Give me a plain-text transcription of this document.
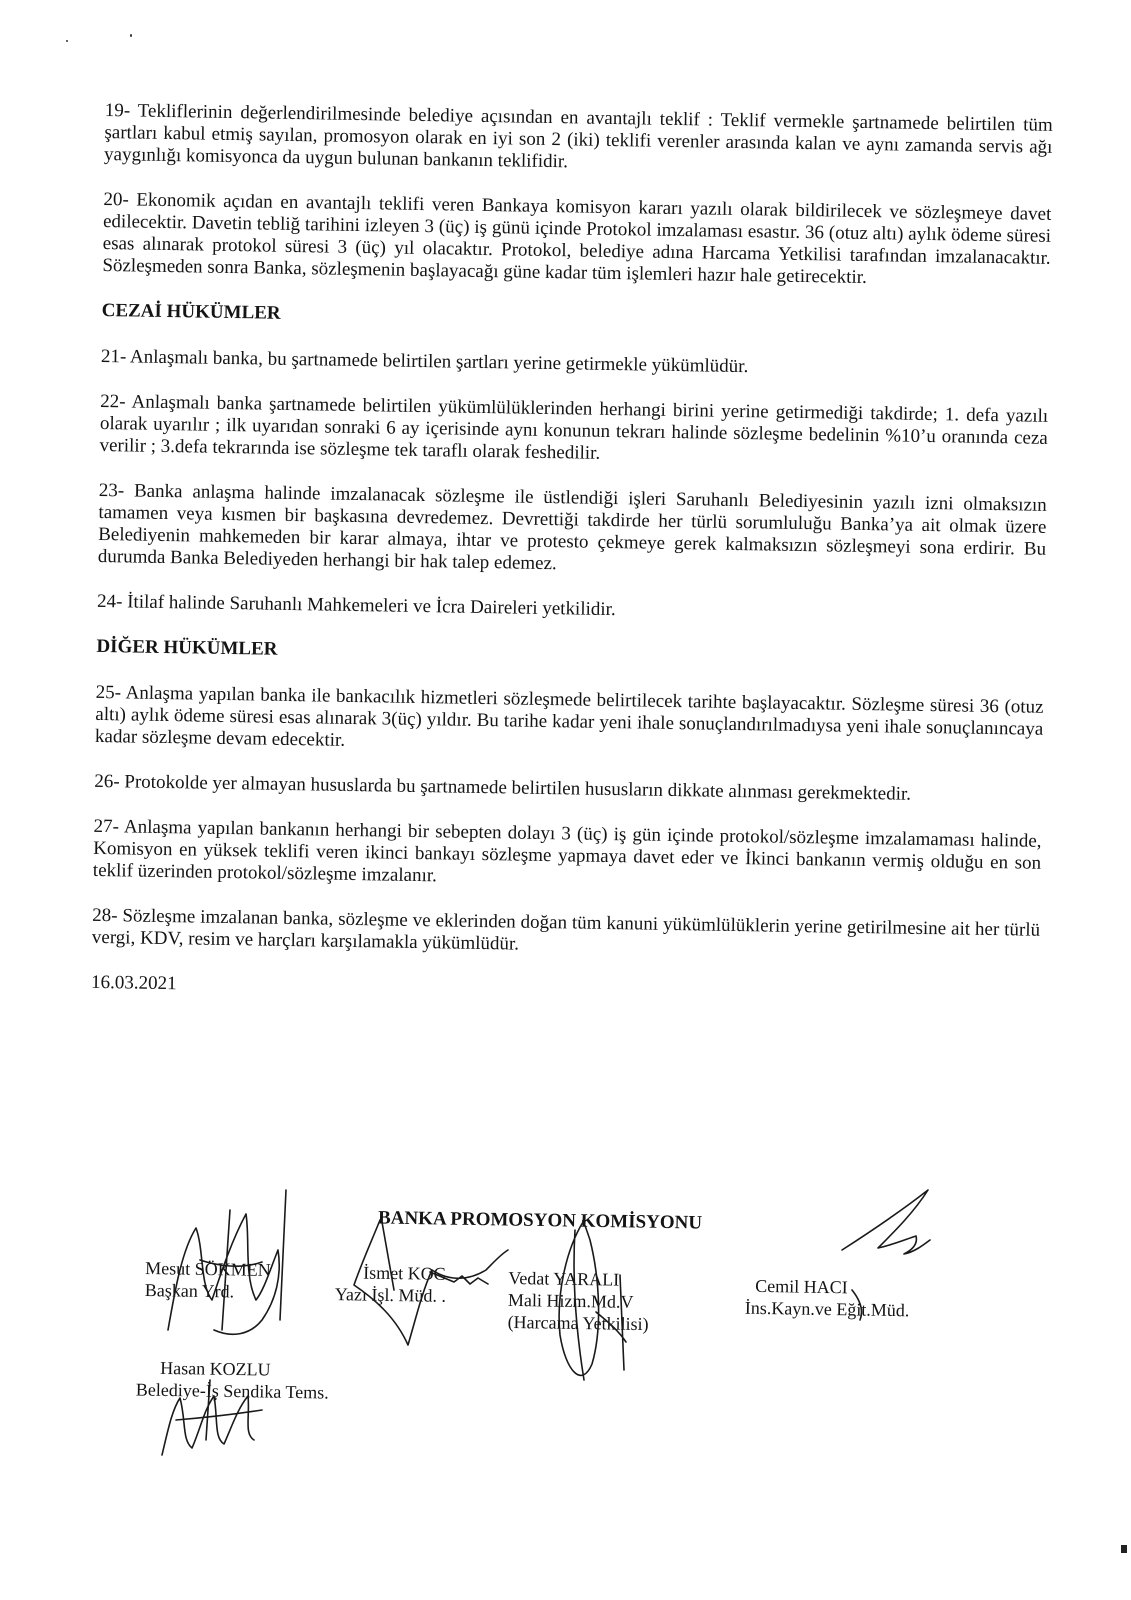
19- Tekliflerinin değerlendirilmesinde belediye açısından en avantajlı teklif : Teklif vermekle şartnamede belirtilen tüm şartları kabul etmiş sayılan, promosyon olarak en iyi son 2 (iki) teklifi verenler arasında kalan ve aynı zamanda servis ağı yaygınlığı komisyonca da uygun bulunan bankanın teklifidir.

20- Ekonomik açıdan en avantajlı teklifi veren Bankaya komisyon kararı yazılı olarak bildirilecek ve sözleşmeye davet edilecektir. Davetin tebliğ tarihini izleyen 3 (üç) iş günü içinde Protokol imzalaması esastır. 36 (otuz altı) aylık ödeme süresi esas alınarak protokol süresi 3 (üç) yıl olacaktır. Protokol, belediye adına Harcama Yetkilisi tarafından imzalanacaktır. Sözleşmeden sonra Banka, sözleşmenin başlayacağı güne kadar tüm işlemleri hazır hale getirecektir.

CEZAİ HÜKÜMLER

21- Anlaşmalı banka, bu şartnamede belirtilen şartları yerine getirmekle yükümlüdür.

22- Anlaşmalı banka şartnamede belirtilen yükümlülüklerinden herhangi birini yerine getirmediği takdirde; 1. defa yazılı olarak uyarılır ; ilk uyarıdan sonraki 6 ay içerisinde aynı konunun tekrarı halinde sözleşme bedelinin %10’u oranında ceza verilir ; 3.defa tekrarında ise sözleşme tek taraflı olarak feshedilir.

23- Banka anlaşma halinde imzalanacak sözleşme ile üstlendiği işleri Saruhanlı Belediyesinin yazılı izni olmaksızın tamamen veya kısmen bir başkasına devredemez. Devrettiği takdirde her türlü sorumluluğu Banka’ya ait olmak üzere Belediyenin mahkemeden bir karar almaya, ihtar ve protesto çekmeye gerek kalmaksızın sözleşmeyi sona erdirir. Bu durumda Banka Belediyeden herhangi bir hak talep edemez.

24- İtilaf halinde Saruhanlı Mahkemeleri ve İcra Daireleri yetkilidir.

DİĞER HÜKÜMLER

25- Anlaşma yapılan banka ile bankacılık hizmetleri sözleşmede belirtilecek tarihte başlayacaktır. Sözleşme süresi 36 (otuz altı) aylık ödeme süresi esas alınarak 3(üç) yıldır. Bu tarihe kadar yeni ihale sonuçlandırılmadıysa yeni ihale sonuçlanıncaya kadar sözleşme devam edecektir.

26- Protokolde yer almayan hususlarda bu şartnamede belirtilen hususların dikkate alınması gerekmektedir.

27- Anlaşma yapılan bankanın herhangi bir sebepten dolayı 3 (üç) iş gün içinde protokol/sözleşme imzalamaması halinde, Komisyon en yüksek teklifi veren ikinci bankayı sözleşme yapmaya davet eder ve İkinci bankanın vermiş olduğu en son teklif üzerinden protokol/sözleşme imzalanır.

28- Sözleşme imzalanan banka, sözleşme ve eklerinden doğan tüm kanuni yükümlülüklerin yerine getirilmesine ait her türlü vergi, KDV, resim ve harçları karşılamakla yükümlüdür.

16.03.2021

BANKA PROMOSYON KOMİSYONU
Mesut SÖKMEN
Başkan Yrd.
İsmet KOC
Yazı İşl. Müd. .
Vedat YARALI
Mali Hizm.Md.V
(Harcama Yetkilisi)
Cemil HACI
İns.Kayn.ve Eğit.Müd.
Hasan KOZLU
Belediye-İş Sendika Tems.
